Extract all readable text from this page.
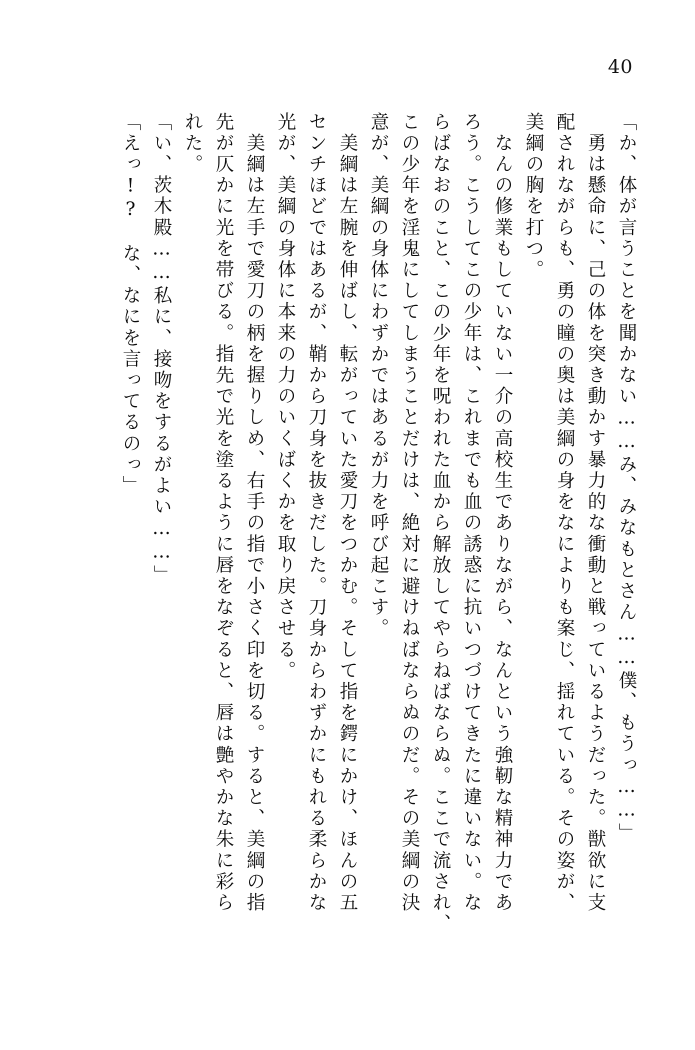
40
「か、体が言うことを聞かない……み、みなもとさん……僕、もうっ……」
　勇は懸命に、己の体を突き動かす暴力的な衝動と戦っているようだった。獣欲に支
配されながらも、勇の瞳の奥は美綱の身をなによりも案じ、揺れている。その姿が、
美綱の胸を打つ。
　なんの修業もしていない一介の高校生でありながら、なんという強靭な精神力であ
ろう。こうしてこの少年は、これまでも血の誘惑に抗いつづけてきたに違いない。な
らばなおのこと、この少年を呪われた血から解放してやらねばならぬ。ここで流され、
この少年を淫鬼にしてしまうことだけは、絶対に避けねばならぬのだ。その美綱の決
意が、美綱の身体にわずかではあるが力を呼び起こす。
　美綱は左腕を伸ばし、転がっていた愛刀をつかむ。そして指を鍔にかけ、ほんの五
センチほどではあるが、鞘から刀身を抜きだした。刀身からわずかにもれる柔らかな
光が、美綱の身体に本来の力のいくばくかを取り戻させる。
　美綱は左手で愛刀の柄を握りしめ、右手の指で小さく印を切る。すると、美綱の指
先が仄かに光を帯びる。指先で光を塗るように唇をなぞると、唇は艶やかな朱に彩ら
れた。
「い、茨木殿……私に、接吻をするがよい……」
「えっ!?　な、なにを言ってるのっ」
